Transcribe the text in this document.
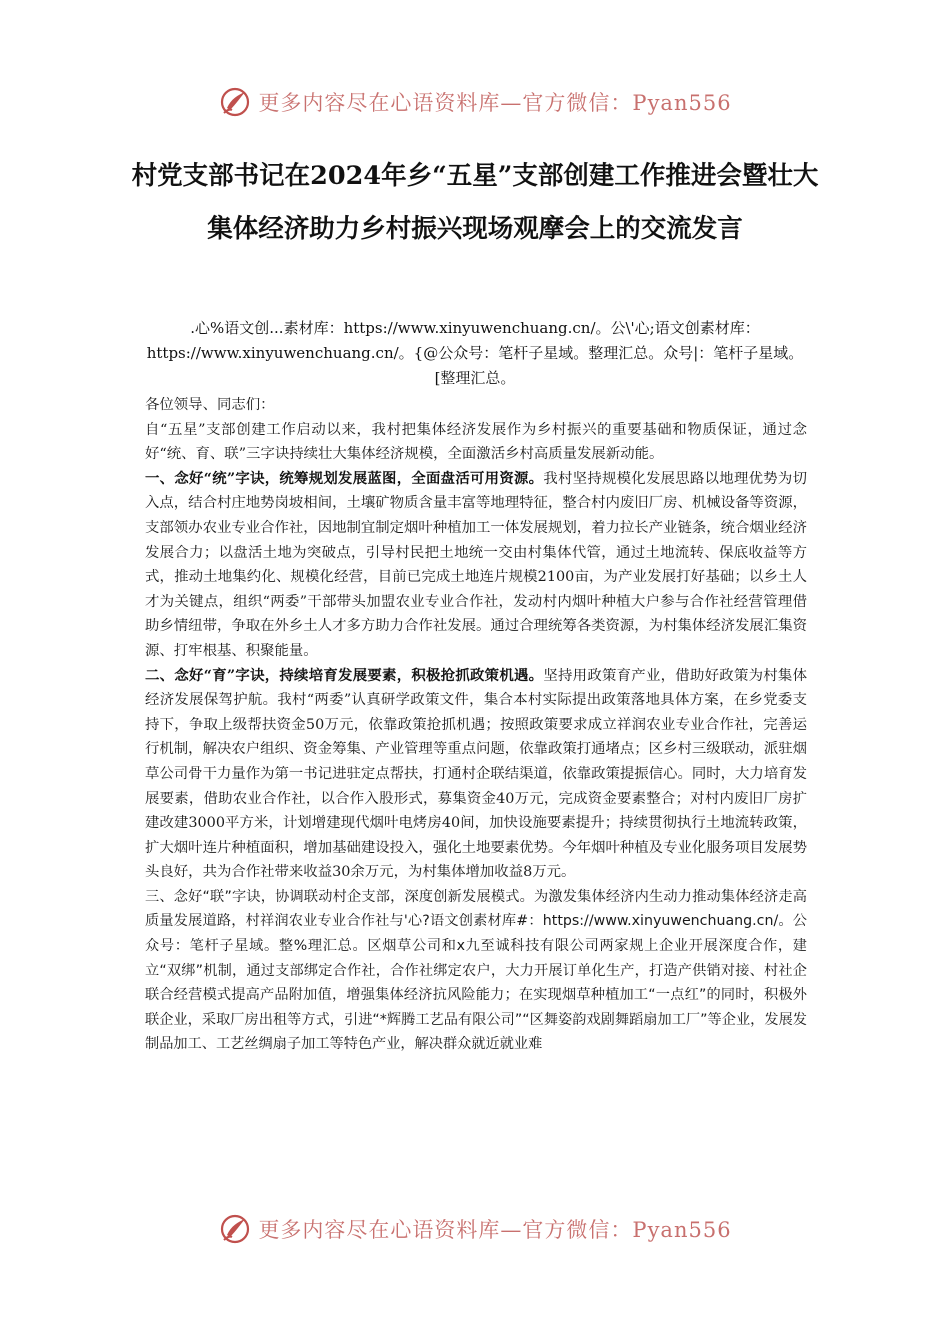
更多内容尽在心语资料库—官方微信：Pyan556
村党支部书记在2024年乡“五星”支部创建工作推进会暨壮大集体经济助力乡村振兴现场观摩会上的交流发言
.心%语文创...素材库：https://www.xinyuwenchuang.cn/。公\'心;语文创素材库：https://www.xinyuwenchuang.cn/。{@公众号：笔杆子星域。整理汇总。众号|：笔杆子星域。[整理汇总。

各位领导、同志们：

自“五星”支部创建工作启动以来，我村把集体经济发展作为乡村振兴的重要基础和物质保证，通过念好“统、育、联”三字诀持续壮大集体经济规模，全面激活乡村高质量发展新动能。

一、念好“统”字诀，统筹规划发展蓝图，全面盘活可用资源。我村坚持规模化发展思路以地理优势为切入点，结合村庄地势岗坡相间，土壤矿物质含量丰富等地理特征，整合村内废旧厂房、机械设备等资源，支部领办农业专业合作社，因地制宜制定烟叶种植加工一体发展规划，着力拉长产业链条，统合烟业经济发展合力；以盘活土地为突破点，引导村民把土地统一交由村集体代管，通过土地流转、保底收益等方式，推动土地集约化、规模化经营，目前已完成土地连片规模2100亩，为产业发展打好基础；以乡土人才为关键点，组织“两委”干部带头加盟农业专业合作社，发动村内烟叶种植大户参与合作社经营管理借助乡情纽带，争取在外乡土人才多方助力合作社发展。通过合理统筹各类资源，为村集体经济发展汇集资源、打牢根基、积聚能量。

二、念好“育”字诀，持续培育发展要素，积极抢抓政策机遇。坚持用政策育产业，借助好政策为村集体经济发展保驾护航。我村“两委”认真研学政策文件，集合本村实际提出政策落地具体方案，在乡党委支持下，争取上级帮扶资金50万元，依靠政策抢抓机遇；按照政策要求成立祥润农业专业合作社，完善运行机制，解决农户组织、资金筹集、产业管理等重点问题，依靠政策打通堵点；区乡村三级联动，派驻烟草公司骨干力量作为第一书记进驻定点帮扶，打通村企联结渠道，依靠政策提振信心。同时，大力培育发展要素，借助农业合作社，以合作入股形式，募集资金40万元，完成资金要素整合；对村内废旧厂房扩建改建3000平方米，计划增建现代烟叶电烤房40间，加快设施要素提升；持续贯彻执行土地流转政策，扩大烟叶连片种植面积，增加基础建设投入，强化土地要素优势。今年烟叶种植及专业化服务项目发展势头良好，共为合作社带来收益30余万元，为村集体增加收益8万元。

三、念好“联”字诀，协调联动村企支部，深度创新发展模式。为激发集体经济内生动力推动集体经济走高质量发展道路，村祥润农业专业合作社与'心?语文创素材库#：https://www.xinyuwenchuang.cn/。公众号：笔杆子星域。整%理汇总。区烟草公司和x九至诚科技有限公司两家规上企业开展深度合作，建立“双绑”机制，通过支部绑定合作社，合作社绑定农户，大力开展订单化生产，打造产供销对接、村社企联合经营模式提高产品附加值，增强集体经济抗风险能力；在实现烟草种植加工“一点红”的同时，积极外联企业，采取厂房出租等方式，引进“*辉腾工艺品有限公司”“区舞姿韵戏剧舞蹈扇加工厂”等企业，发展发制品加工、工艺丝绸扇子加工等特色产业，解决群众就近就业难

更多内容尽在心语资料库—官方微信：Pyan556
